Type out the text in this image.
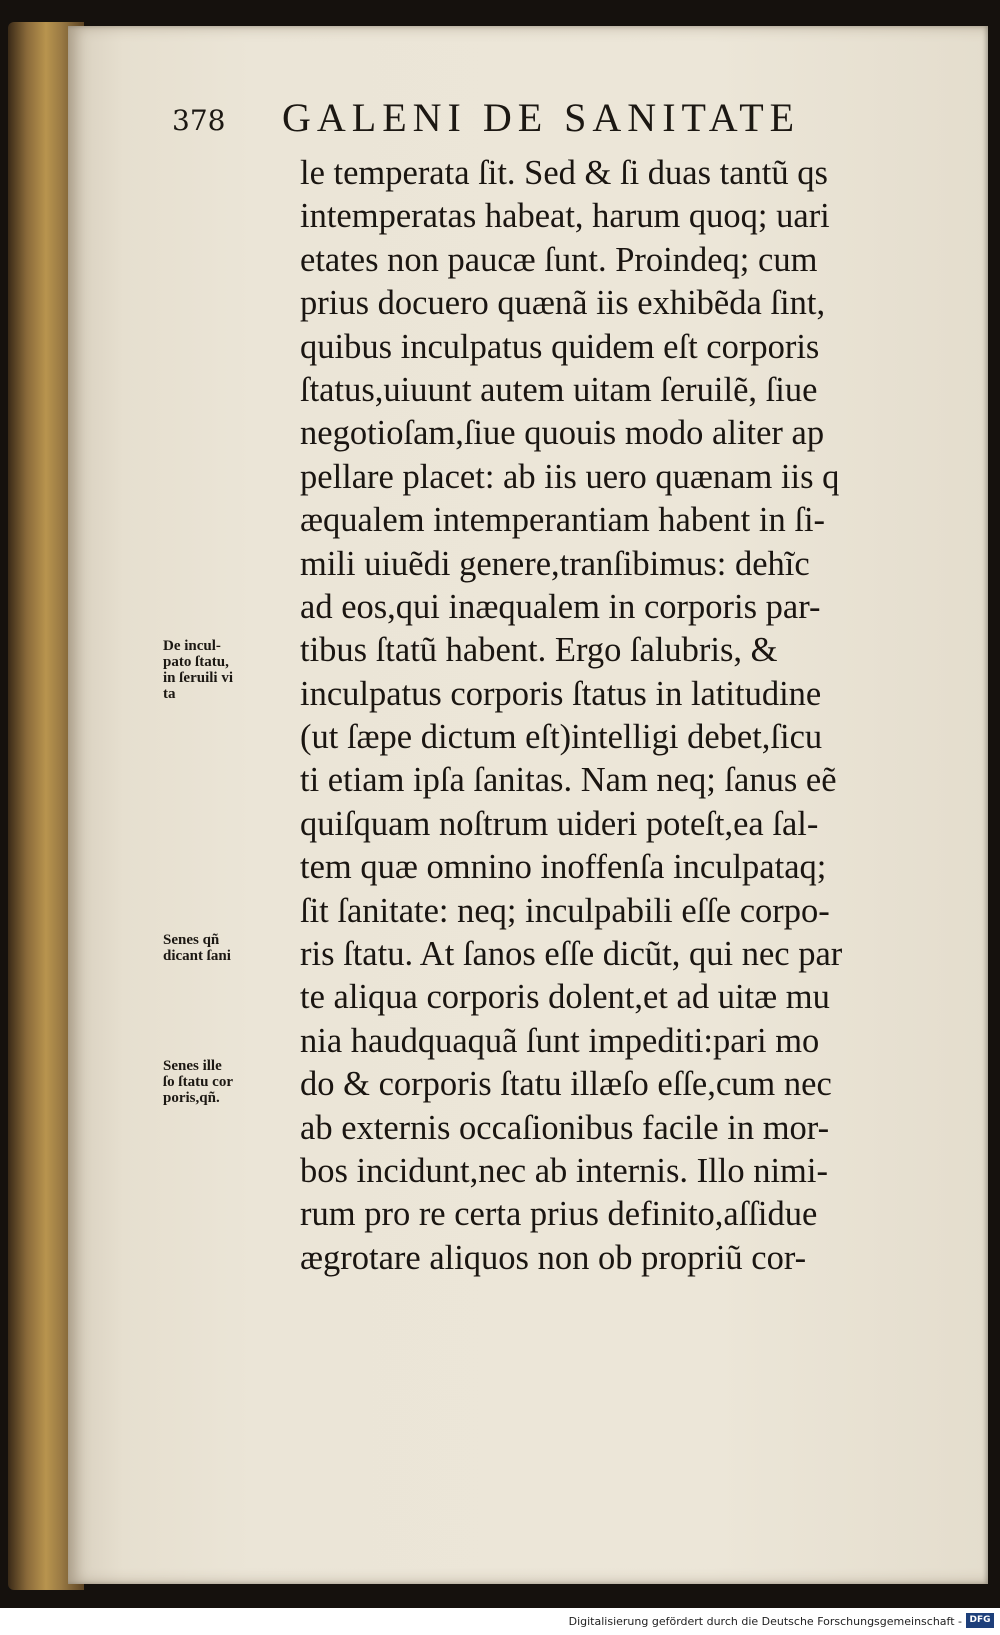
378 GALENI DE SANITATE
le temperata ſit. Sed & ſi duas tantũ qs
intemperatas habeat, harum quoq; uari
etates non paucæ ſunt. Proindeq; cum
prius docuero quænã iis exhibẽda ſint,
quibus inculpatus quidem eſt corporis
ſtatus,uiuunt autem uitam ſeruilẽ, ſiue
negotioſam,ſiue quouis modo aliter ap
pellare placet: ab iis uero quænam iis q
æqualem intemperantiam habent in ſi-
mili uiuẽdi genere,tranſibimus: dehĩc
ad eos,qui inæqualem in corporis par-
tibus ſtatũ habent. Ergo ſalubris, &
inculpatus corporis ſtatus in latitudine
(ut ſæpe dictum eſt)intelligi debet,ſicu
ti etiam ipſa ſanitas. Nam neq; ſanus eẽ
quiſquam noſtrum uideri poteſt,ea ſal-
tem quæ omnino inoffenſa inculpataq;
ſit ſanitate: neq; inculpabili eſſe corpo-
ris ſtatu. At ſanos eſſe dicũt, qui nec par
te aliqua corporis dolent,et ad uitæ mu
nia haudquaquã ſunt impediti:pari mo
do & corporis ſtatu illæſo eſſe,cum nec
ab externis occaſionibus facile in mor-
bos incidunt,nec ab internis. Illo nimi-
rum pro re certa prius definito,aſſidue
ægrotare aliquos non ob propriũ cor-
De incul-
pato ſtatu,
in ſeruili vi
ta
Senes qñ
dicant ſani
Senes ille
ſo ſtatu cor
poris,qñ.
Digitalisierung gefördert durch die Deutsche Forschungsgemeinschaft - DFG
